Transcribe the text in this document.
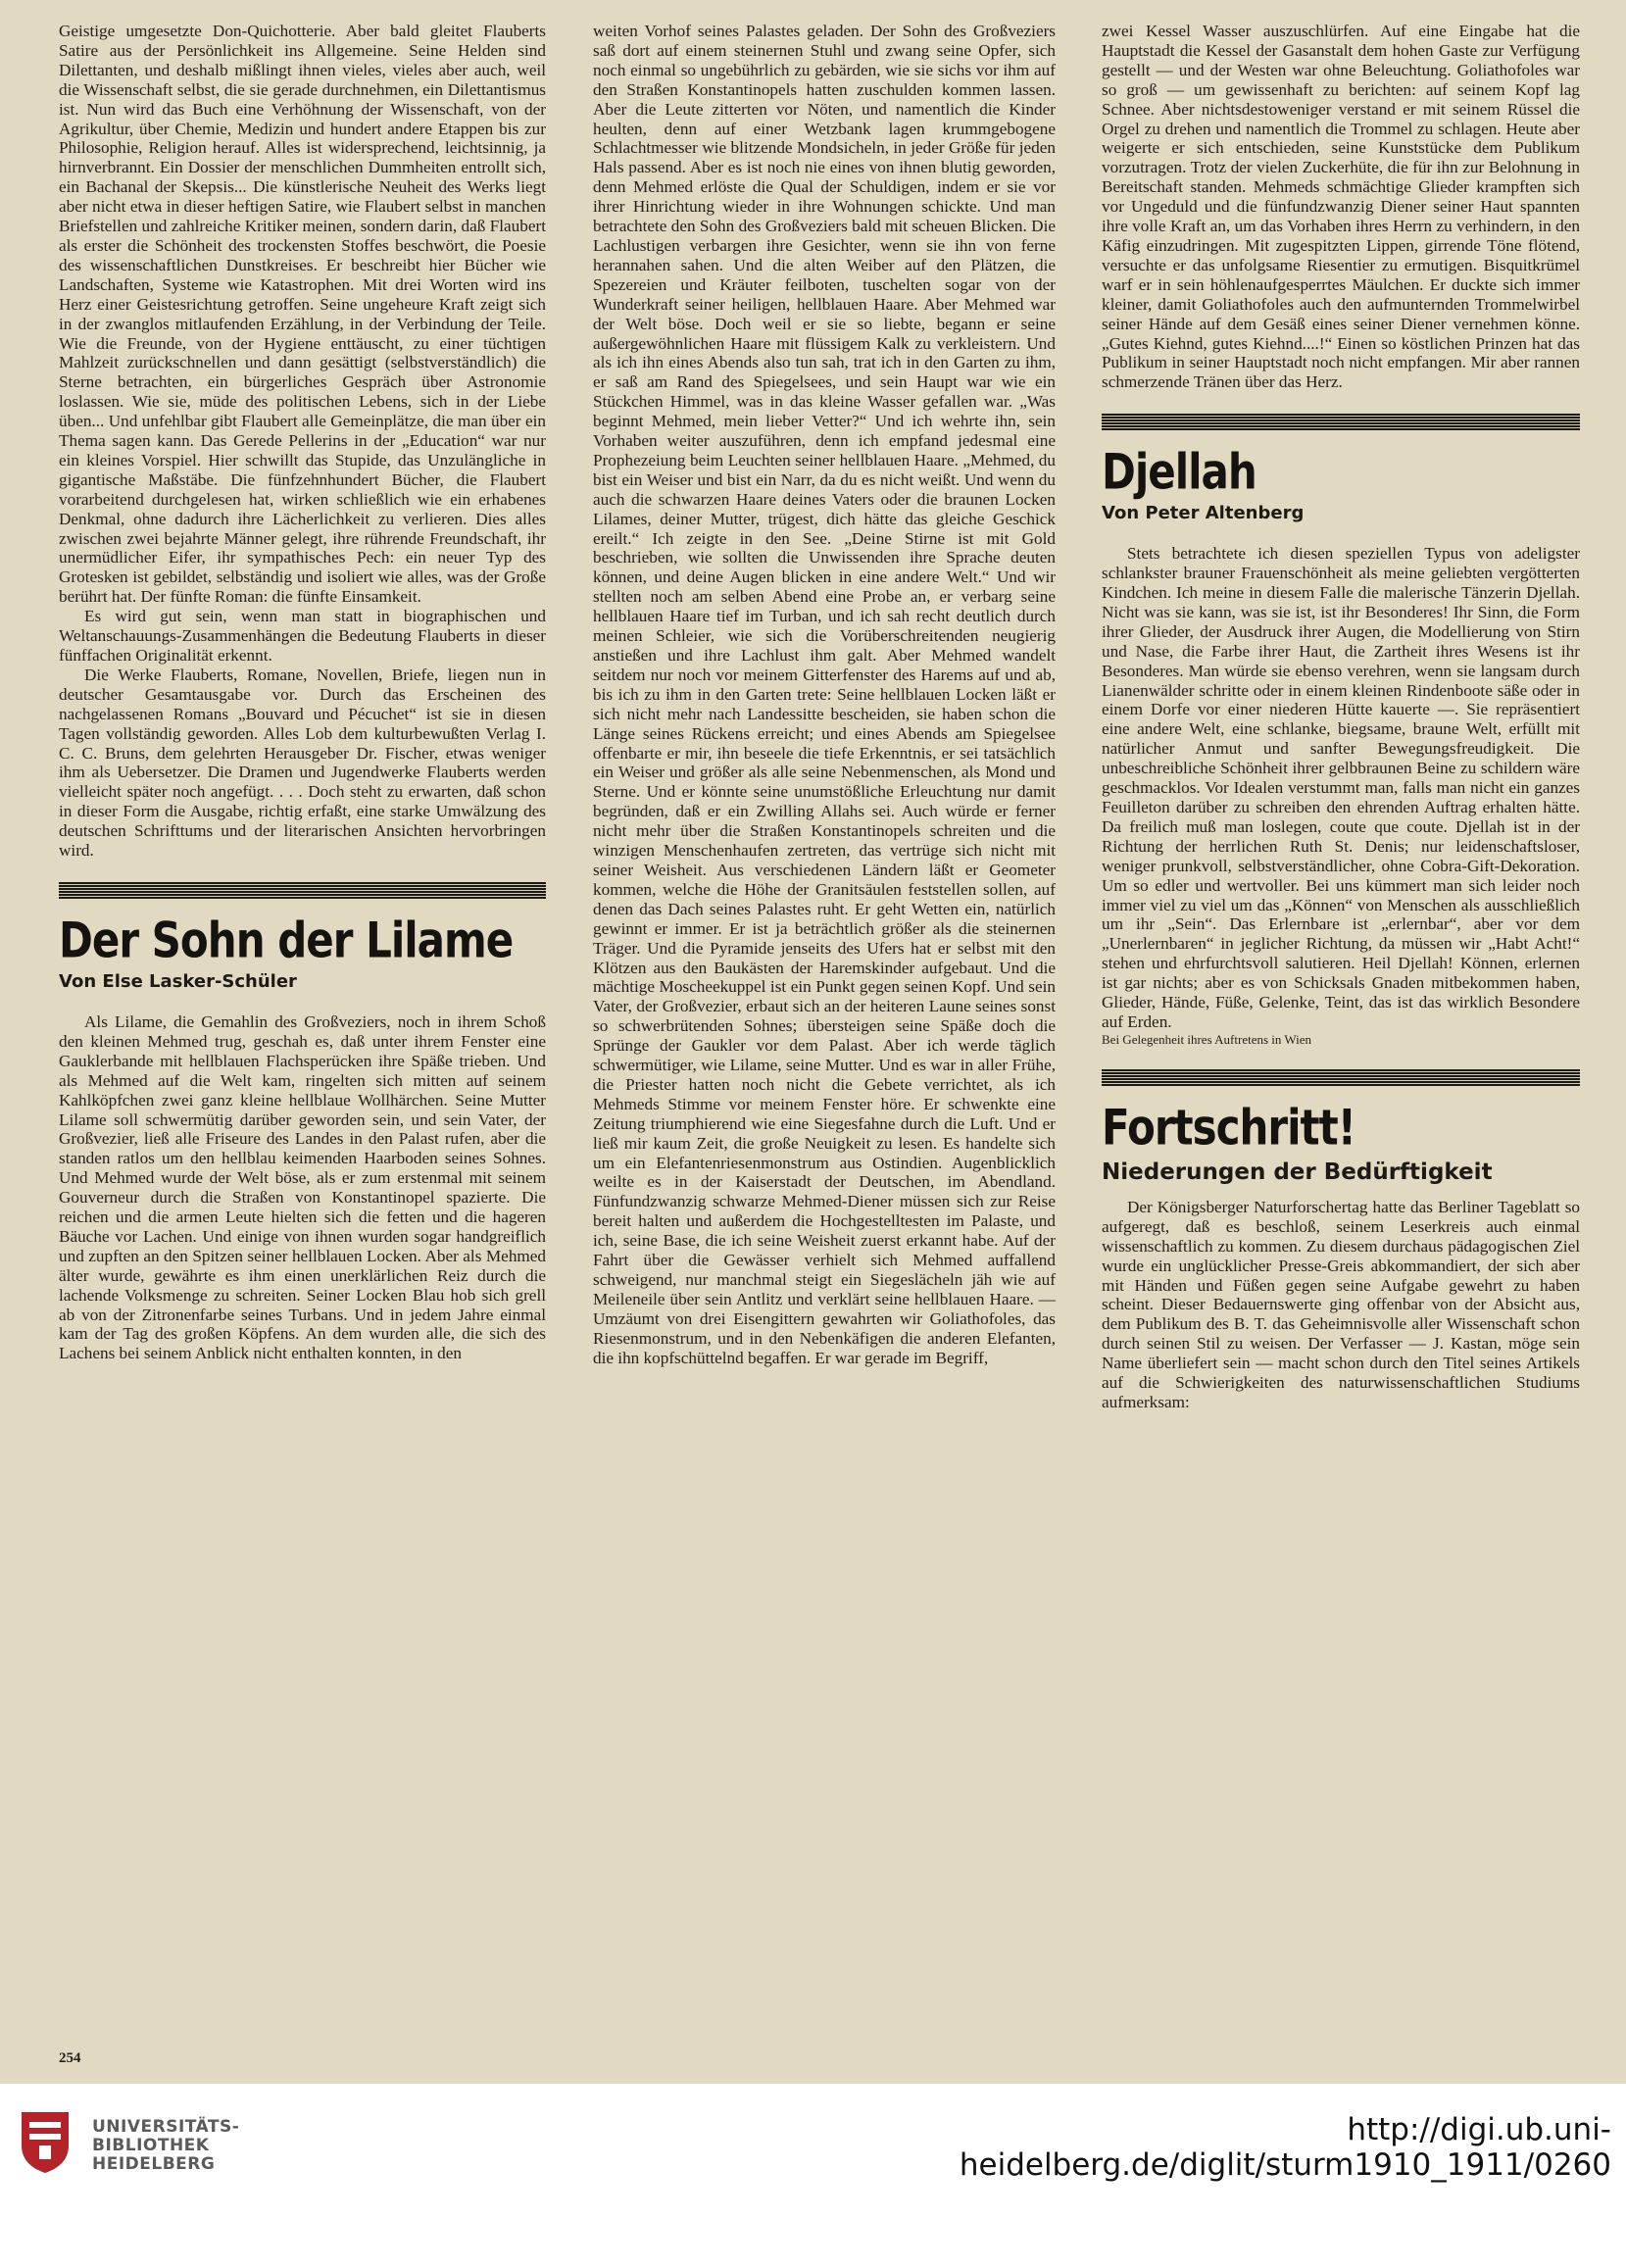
Geistige umgesetzte Don-Quichotterie. Aber bald gleitet Flauberts Satire aus der Persönlichkeit ins Allgemeine. Seine Helden sind Dilettanten, und deshalb mißlingt ihnen vieles, vieles aber auch, weil die Wissenschaft selbst, die sie gerade durchnehmen, ein Dilettantismus ist. Nun wird das Buch eine Verhöhnung der Wissenschaft, von der Agrikultur, über Chemie, Medizin und hundert andere Etappen bis zur Philosophie, Religion herauf. Alles ist widersprechend, leichtsinnig, ja hirnverbrannt. Ein Dossier der menschlichen Dummheiten entrollt sich, ein Bachanal der Skepsis... Die künstlerische Neuheit des Werks liegt aber nicht etwa in dieser heftigen Satire, wie Flaubert selbst in manchen Briefstellen und zahlreiche Kritiker meinen, sondern darin, daß Flaubert als erster die Schönheit des trockensten Stoffes beschwört, die Poesie des wissenschaftlichen Dunstkreises. Er beschreibt hier Bücher wie Landschaften, Systeme wie Katastrophen. Mit drei Worten wird ins Herz einer Geistesrichtung getroffen. Seine ungeheure Kraft zeigt sich in der zwanglos mitlaufenden Erzählung, in der Verbindung der Teile. Wie die Freunde, von der Hygiene enttäuscht, zu einer tüchtigen Mahlzeit zurückschnellen und dann gesättigt (selbstverständlich) die Sterne betrachten, ein bürgerliches Gespräch über Astronomie loslassen. Wie sie, müde des politischen Lebens, sich in der Liebe üben... Und unfehlbar gibt Flaubert alle Gemeinplätze, die man über ein Thema sagen kann. Das Gerede Pellerins in der „Education“ war nur ein kleines Vorspiel. Hier schwillt das Stupide, das Unzulängliche in gigantische Maßstäbe. Die fünfzehnhundert Bücher, die Flaubert vorarbeitend durchgelesen hat, wirken schließlich wie ein erhabenes Denkmal, ohne dadurch ihre Lächerlichkeit zu verlieren. Dies alles zwischen zwei bejahrte Männer gelegt, ihre rührende Freundschaft, ihr unermüdlicher Eifer, ihr sympathisches Pech: ein neuer Typ des Grotesken ist gebildet, selbständig und isoliert wie alles, was der Große berührt hat. Der fünfte Roman: die fünfte Einsamkeit.

Es wird gut sein, wenn man statt in biographischen und Weltanschauungs-Zusammenhängen die Bedeutung Flauberts in dieser fünffachen Originalität erkennt.

Die Werke Flauberts, Romane, Novellen, Briefe, liegen nun in deutscher Gesamtausgabe vor. Durch das Erscheinen des nachgelassenen Romans „Bouvard und Pécuchet“ ist sie in diesen Tagen vollständig geworden. Alles Lob dem kulturbewußten Verlag I. C. C. Bruns, dem gelehrten Herausgeber Dr. Fischer, etwas weniger ihm als Uebersetzer. Die Dramen und Jugendwerke Flauberts werden vielleicht später noch angefügt. . . . Doch steht zu erwarten, daß schon in dieser Form die Ausgabe, richtig erfaßt, eine starke Umwälzung des deutschen Schrifttums und der literarischen Ansichten hervorbringen wird.

Der Sohn der Lilame
Von Else Lasker-Schüler

Als Lilame, die Gemahlin des Großveziers, noch in ihrem Schoß den kleinen Mehmed trug, geschah es, daß unter ihrem Fenster eine Gauklerbande mit hellblauen Flachsperücken ihre Späße trieben. Und als Mehmed auf die Welt kam, ringelten sich mitten auf seinem Kahlköpfchen zwei ganz kleine hellblaue Wollhärchen. Seine Mutter Lilame soll schwermütig darüber geworden sein, und sein Vater, der Großvezier, ließ alle Friseure des Landes in den Palast rufen, aber die standen ratlos um den hellblau keimenden Haarboden seines Sohnes. Und Mehmed wurde der Welt böse, als er zum erstenmal mit seinem Gouverneur durch die Straßen von Konstantinopel spazierte. Die reichen und die armen Leute hielten sich die fetten und die hageren Bäuche vor Lachen. Und einige von ihnen wurden sogar handgreiflich und zupften an den Spitzen seiner hellblauen Locken. Aber als Mehmed älter wurde, gewährte es ihm einen unerklärlichen Reiz durch die lachende Volksmenge zu schreiten. Seiner Locken Blau hob sich grell ab von der Zitronenfarbe seines Turbans. Und in jedem Jahre einmal kam der Tag des großen Köpfens. An dem wurden alle, die sich des Lachens bei seinem Anblick nicht enthalten konnten, in den

weiten Vorhof seines Palastes geladen. Der Sohn des Großveziers saß dort auf einem steinernen Stuhl und zwang seine Opfer, sich noch einmal so ungebührlich zu gebärden, wie sie sichs vor ihm auf den Straßen Konstantinopels hatten zuschulden kommen lassen. Aber die Leute zitterten vor Nöten, und namentlich die Kinder heulten, denn auf einer Wetzbank lagen krummgebogene Schlachtmesser wie blitzende Mondsicheln, in jeder Größe für jeden Hals passend. Aber es ist noch nie eines von ihnen blutig geworden, denn Mehmed erlöste die Qual der Schuldigen, indem er sie vor ihrer Hinrichtung wieder in ihre Wohnungen schickte. Und man betrachtete den Sohn des Großveziers bald mit scheuen Blicken. Die Lachlustigen verbargen ihre Gesichter, wenn sie ihn von ferne herannahen sahen. Und die alten Weiber auf den Plätzen, die Spezereien und Kräuter feilboten, tuschelten sogar von der Wunderkraft seiner heiligen, hellblauen Haare. Aber Mehmed war der Welt böse. Doch weil er sie so liebte, begann er seine außergewöhnlichen Haare mit flüssigem Kalk zu verkleistern. Und als ich ihn eines Abends also tun sah, trat ich in den Garten zu ihm, er saß am Rand des Spiegelsees, und sein Haupt war wie ein Stückchen Himmel, was in das kleine Wasser gefallen war. „Was beginnt Mehmed, mein lieber Vetter?“ Und ich wehrte ihn, sein Vorhaben weiter auszuführen, denn ich empfand jedesmal eine Prophezeiung beim Leuchten seiner hellblauen Haare. „Mehmed, du bist ein Weiser und bist ein Narr, da du es nicht weißt. Und wenn du auch die schwarzen Haare deines Vaters oder die braunen Locken Lilames, deiner Mutter, trügest, dich hätte das gleiche Geschick ereilt.“ Ich zeigte in den See. „Deine Stirne ist mit Gold beschrieben, wie sollten die Unwissenden ihre Sprache deuten können, und deine Augen blicken in eine andere Welt.“ Und wir stellten noch am selben Abend eine Probe an, er verbarg seine hellblauen Haare tief im Turban, und ich sah recht deutlich durch meinen Schleier, wie sich die Vorüberschreitenden neugierig anstießen und ihre Lachlust ihm galt. Aber Mehmed wandelt seitdem nur noch vor meinem Gitterfenster des Harems auf und ab, bis ich zu ihm in den Garten trete: Seine hellblauen Locken läßt er sich nicht mehr nach Landessitte bescheiden, sie haben schon die Länge seines Rückens erreicht; und eines Abends am Spiegelsee offenbarte er mir, ihn beseele die tiefe Erkenntnis, er sei tatsächlich ein Weiser und größer als alle seine Nebenmenschen, als Mond und Sterne. Und er könnte seine unumstößliche Erleuchtung nur damit begründen, daß er ein Zwilling Allahs sei. Auch würde er ferner nicht mehr über die Straßen Konstantinopels schreiten und die winzigen Menschenhaufen zertreten, das vertrüge sich nicht mit seiner Weisheit. Aus verschiedenen Ländern läßt er Geometer kommen, welche die Höhe der Granitsäulen feststellen sollen, auf denen das Dach seines Palastes ruht. Er geht Wetten ein, natürlich gewinnt er immer. Er ist ja beträchtlich größer als die steinernen Träger. Und die Pyramide jenseits des Ufers hat er selbst mit den Klötzen aus den Baukästen der Haremskinder aufgebaut. Und die mächtige Moscheekuppel ist ein Punkt gegen seinen Kopf. Und sein Vater, der Großvezier, erbaut sich an der heiteren Laune seines sonst so schwerbrütenden Sohnes; übersteigen seine Späße doch die Sprünge der Gaukler vor dem Palast. Aber ich werde täglich schwermütiger, wie Lilame, seine Mutter. Und es war in aller Frühe, die Priester hatten noch nicht die Gebete verrichtet, als ich Mehmeds Stimme vor meinem Fenster höre. Er schwenkte eine Zeitung triumphierend wie eine Siegesfahne durch die Luft. Und er ließ mir kaum Zeit, die große Neuigkeit zu lesen. Es handelte sich um ein Elefantenriesenmonstrum aus Ostindien. Augenblicklich weilte es in der Kaiserstadt der Deutschen, im Abendland. Fünfundzwanzig schwarze Mehmed-Diener müssen sich zur Reise bereit halten und außerdem die Hochgestelltesten im Palaste, und ich, seine Base, die ich seine Weisheit zuerst erkannt habe. Auf der Fahrt über die Gewässer verhielt sich Mehmed auffallend schweigend, nur manchmal steigt ein Siegeslächeln jäh wie auf Meileneile über sein Antlitz und verklärt seine hellblauen Haare. — Umzäumt von drei Eisengittern gewahrten wir Goliathofoles, das Riesenmonstrum, und in den Nebenkäfigen die anderen Elefanten, die ihn kopfschüttelnd begaffen. Er war gerade im Begriff,

zwei Kessel Wasser auszuschlürfen. Auf eine Eingabe hat die Hauptstadt die Kessel der Gasanstalt dem hohen Gaste zur Verfügung gestellt — und der Westen war ohne Beleuchtung. Goliathofoles war so groß — um gewissenhaft zu berichten: auf seinem Kopf lag Schnee. Aber nichtsdestoweniger verstand er mit seinem Rüssel die Orgel zu drehen und namentlich die Trommel zu schlagen. Heute aber weigerte er sich entschieden, seine Kunststücke dem Publikum vorzutragen. Trotz der vielen Zuckerhüte, die für ihn zur Belohnung in Bereitschaft standen. Mehmeds schmächtige Glieder krampften sich vor Ungeduld und die fünfundzwanzig Diener seiner Haut spannten ihre volle Kraft an, um das Vorhaben ihres Herrn zu verhindern, in den Käfig einzudringen. Mit zugespitzten Lippen, girrende Töne flötend, versuchte er das unfolgsame Riesentier zu ermutigen. Bisquitkrümel warf er in sein höhlenaufgesperrtes Mäulchen. Er duckte sich immer kleiner, damit Goliathofoles auch den aufmunternden Trommelwirbel seiner Hände auf dem Gesäß eines seiner Diener vernehmen könne. „Gutes Kiehnd, gutes Kiehnd....!“ Einen so köstlichen Prinzen hat das Publikum in seiner Hauptstadt noch nicht empfangen. Mir aber rannen schmerzende Tränen über das Herz.

Djellah
Von Peter Altenberg

Stets betrachtete ich diesen speziellen Typus von adeligster schlankster brauner Frauenschönheit als meine geliebten vergötterten Kindchen. Ich meine in diesem Falle die malerische Tänzerin Djellah. Nicht was sie kann, was sie ist, ist ihr Besonderes! Ihr Sinn, die Form ihrer Glieder, der Ausdruck ihrer Augen, die Modellierung von Stirn und Nase, die Farbe ihrer Haut, die Zartheit ihres Wesens ist ihr Besonderes. Man würde sie ebenso verehren, wenn sie langsam durch Lianenwälder schritte oder in einem kleinen Rindenboote säße oder in einem Dorfe vor einer niederen Hütte kauerte —. Sie repräsentiert eine andere Welt, eine schlanke, biegsame, braune Welt, erfüllt mit natürlicher Anmut und sanfter Bewegungsfreudigkeit. Die unbeschreibliche Schönheit ihrer gelbbraunen Beine zu schildern wäre geschmacklos. Vor Idealen verstummt man, falls man nicht ein ganzes Feuilleton darüber zu schreiben den ehrenden Auftrag erhalten hätte. Da freilich muß man loslegen, coute que coute. Djellah ist in der Richtung der herrlichen Ruth St. Denis; nur leidenschaftsloser, weniger prunkvoll, selbstverständlicher, ohne Cobra-Gift-Dekoration. Um so edler und wertvoller. Bei uns kümmert man sich leider noch immer viel zu viel um das „Können“ von Menschen als ausschließlich um ihr „Sein“. Das Erlernbare ist „erlernbar“, aber vor dem „Unerlernbaren“ in jeglicher Richtung, da müssen wir „Habt Acht!“ stehen und ehrfurchtsvoll salutieren. Heil Djellah! Können, erlernen ist gar nichts; aber es von Schicksals Gnaden mitbekommen haben, Glieder, Hände, Füße, Gelenke, Teint, das ist das wirklich Besondere auf Erden.

Bei Gelegenheit ihres Auftretens in Wien

Fortschritt!
Niederungen der Bedürftigkeit

Der Königsberger Naturforschertag hatte das Berliner Tageblatt so aufgeregt, daß es beschloß, seinem Leserkreis auch einmal wissenschaftlich zu kommen. Zu diesem durchaus pädagogischen Ziel wurde ein unglücklicher Presse-Greis abkommandiert, der sich aber mit Händen und Füßen gegen seine Aufgabe gewehrt zu haben scheint. Dieser Bedauernswerte ging offenbar von der Absicht aus, dem Publikum des B. T. das Geheimnisvolle aller Wissenschaft schon durch seinen Stil zu weisen. Der Verfasser — J. Kastan, möge sein Name überliefert sein — macht schon durch den Titel seines Artikels auf die Schwierigkeiten des naturwissenschaftlichen Studiums aufmerksam:

254
UNIVERSITÄTS-
BIBLIOTHEK
HEIDELBERG
http://digi.ub.uni-heidelberg.de/diglit/sturm1910_1911/0260
